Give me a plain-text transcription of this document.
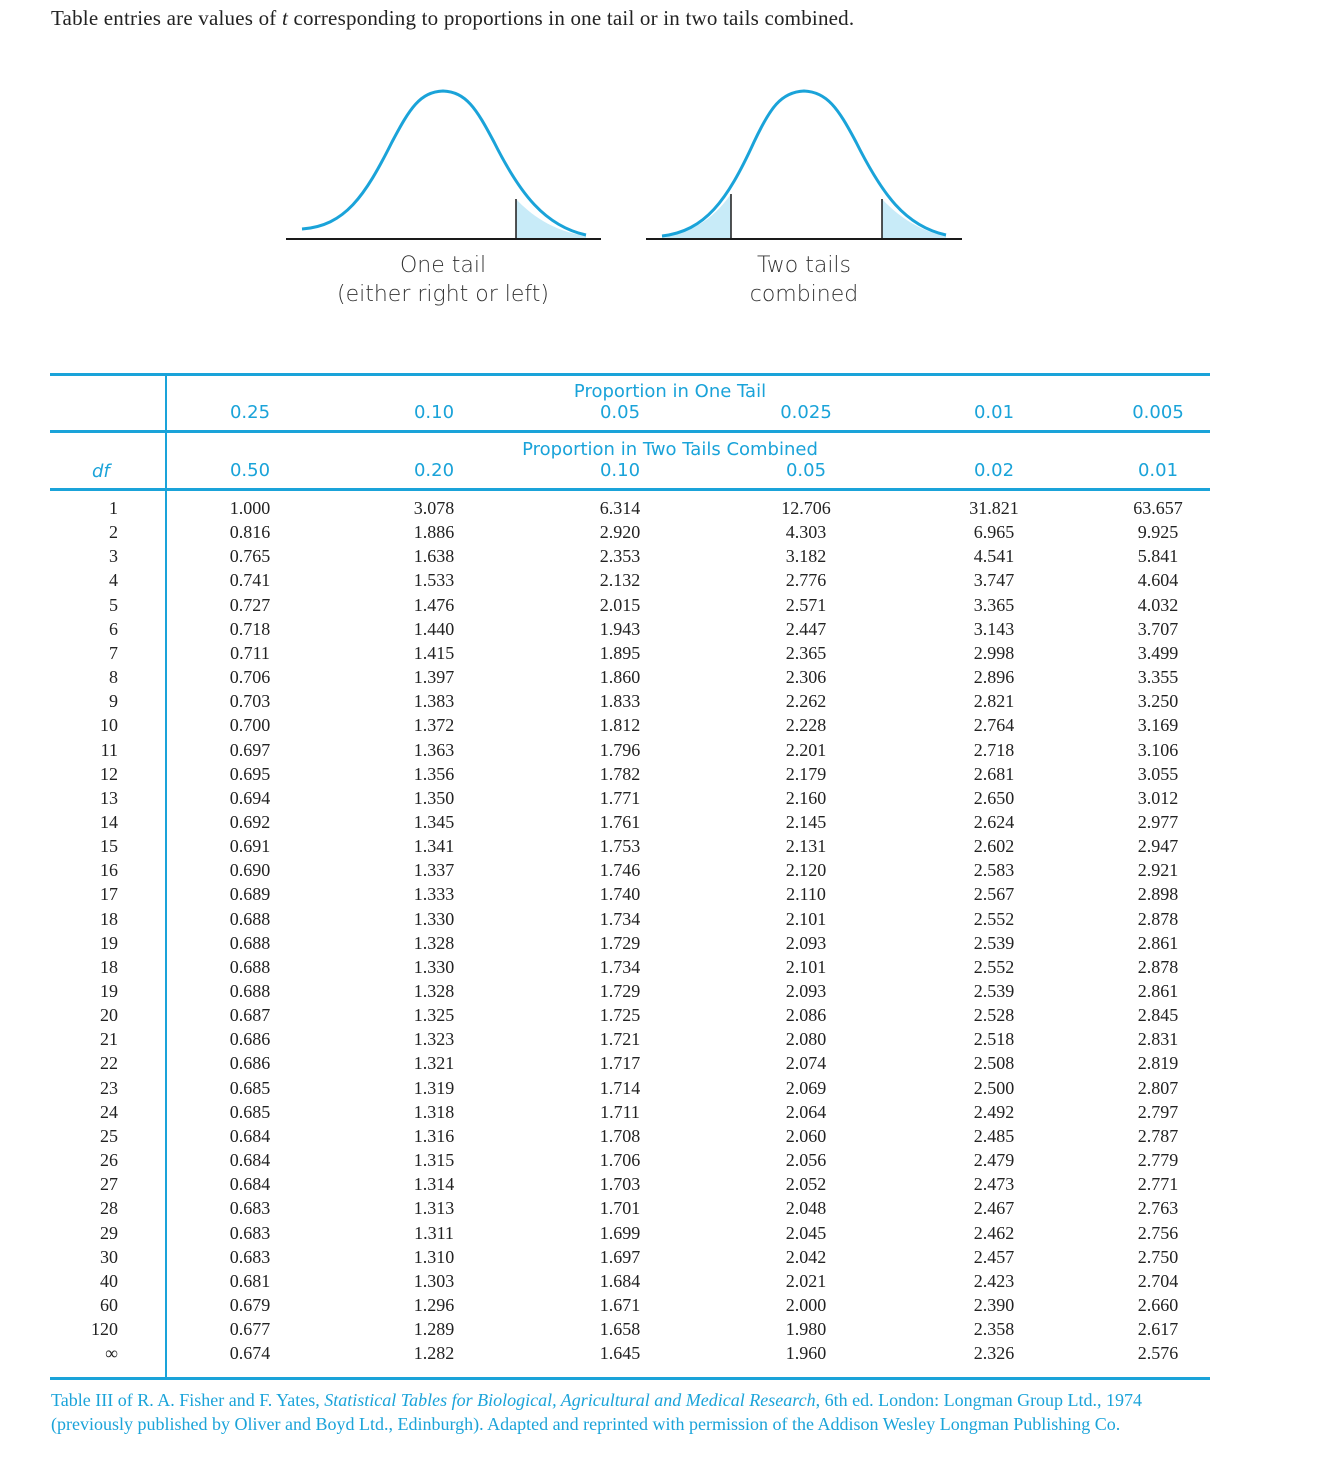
Table entries are values of t corresponding to proportions in one tail or in two tails combined.
One tail
(either right or left)
Two tails
combined
Proportion in One Tail
Proportion in Two Tails Combined
df
0.25	0.10	0.05	0.025	0.01	0.005
0.50	0.20	0.10	0.05	0.02	0.01
1	1.000	3.078	6.314	12.706	31.821	63.657
2	0.816	1.886	2.920	4.303	6.965	9.925
3	0.765	1.638	2.353	3.182	4.541	5.841
4	0.741	1.533	2.132	2.776	3.747	4.604
5	0.727	1.476	2.015	2.571	3.365	4.032
6	0.718	1.440	1.943	2.447	3.143	3.707
7	0.711	1.415	1.895	2.365	2.998	3.499
8	0.706	1.397	1.860	2.306	2.896	3.355
9	0.703	1.383	1.833	2.262	2.821	3.250
10	0.700	1.372	1.812	2.228	2.764	3.169
11	0.697	1.363	1.796	2.201	2.718	3.106
12	0.695	1.356	1.782	2.179	2.681	3.055
13	0.694	1.350	1.771	2.160	2.650	3.012
14	0.692	1.345	1.761	2.145	2.624	2.977
15	0.691	1.341	1.753	2.131	2.602	2.947
16	0.690	1.337	1.746	2.120	2.583	2.921
17	0.689	1.333	1.740	2.110	2.567	2.898
18	0.688	1.330	1.734	2.101	2.552	2.878
19	0.688	1.328	1.729	2.093	2.539	2.861
18	0.688	1.330	1.734	2.101	2.552	2.878
19	0.688	1.328	1.729	2.093	2.539	2.861
20	0.687	1.325	1.725	2.086	2.528	2.845
21	0.686	1.323	1.721	2.080	2.518	2.831
22	0.686	1.321	1.717	2.074	2.508	2.819
23	0.685	1.319	1.714	2.069	2.500	2.807
24	0.685	1.318	1.711	2.064	2.492	2.797
25	0.684	1.316	1.708	2.060	2.485	2.787
26	0.684	1.315	1.706	2.056	2.479	2.779
27	0.684	1.314	1.703	2.052	2.473	2.771
28	0.683	1.313	1.701	2.048	2.467	2.763
29	0.683	1.311	1.699	2.045	2.462	2.756
30	0.683	1.310	1.697	2.042	2.457	2.750
40	0.681	1.303	1.684	2.021	2.423	2.704
60	0.679	1.296	1.671	2.000	2.390	2.660
120	0.677	1.289	1.658	1.980	2.358	2.617
∞	0.674	1.282	1.645	1.960	2.326	2.576
Table III of R. A. Fisher and F. Yates, Statistical Tables for Biological, Agricultural and Medical Research, 6th ed. London: Longman Group Ltd., 1974 (previously published by Oliver and Boyd Ltd., Edinburgh). Adapted and reprinted with permission of the Addison Wesley Longman Publishing Co.
